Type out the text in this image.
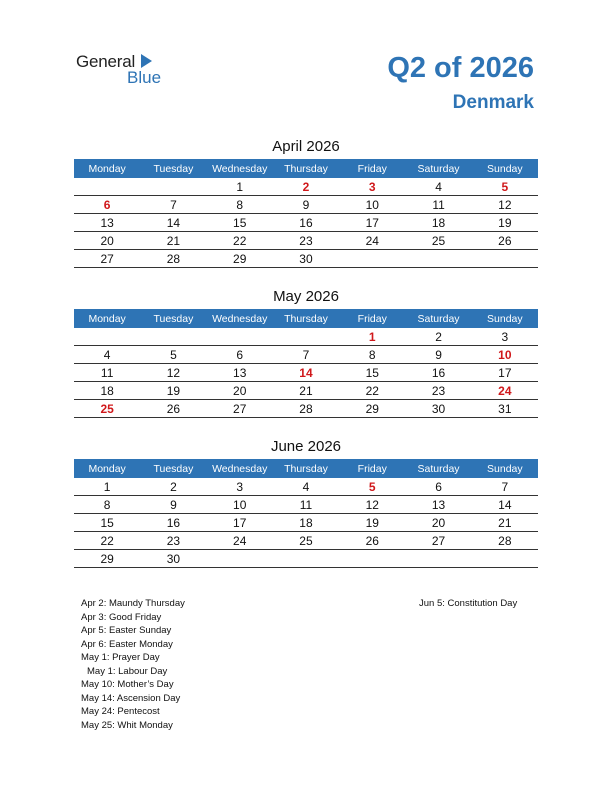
General
Blue	Q2 of 2026
Denmark
April 2026
Monday	Tuesday	Wednesday	Thursday	Friday	Saturday	Sunday
		1	2	3	4	5
6	7	8	9	10	11	12
13	14	15	16	17	18	19
20	21	22	23	24	25	26
27	28	29	30			
May 2026
Monday	Tuesday	Wednesday	Thursday	Friday	Saturday	Sunday
				1	2	3
4	5	6	7	8	9	10
11	12	13	14	15	16	17
18	19	20	21	22	23	24
25	26	27	28	29	30	31
June 2026
Monday	Tuesday	Wednesday	Thursday	Friday	Saturday	Sunday
1	2	3	4	5	6	7
8	9	10	11	12	13	14
15	16	17	18	19	20	21
22	23	24	25	26	27	28
29	30					
Apr 2: Maundy Thursday
Apr 3: Good Friday
Apr 5: Easter Sunday
Apr 6: Easter Monday
May 1: Prayer Day
May 1: Labour Day
May 10: Mother’s Day
May 14: Ascension Day
May 24: Pentecost
May 25: Whit Monday
Jun 5: Constitution Day
